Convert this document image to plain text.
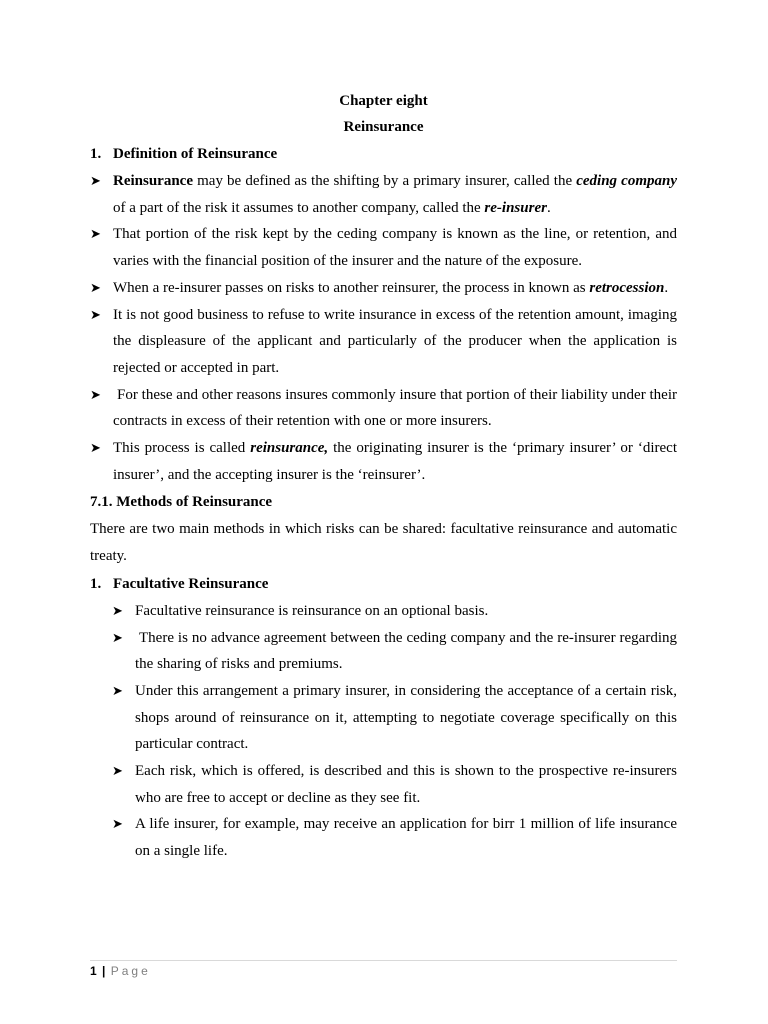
Chapter eight
Reinsurance
1. Definition of Reinsurance
➤ Reinsurance may be defined as the shifting by a primary insurer, called the ceding company of a part of the risk it assumes to another company, called the re-insurer.
➤ That portion of the risk kept by the ceding company is known as the line, or retention, and varies with the financial position of the insurer and the nature of the exposure.
➤ When a re-insurer passes on risks to another reinsurer, the process in known as retrocession.
➤ It is not good business to refuse to write insurance in excess of the retention amount, imaging the displeasure of the applicant and particularly of the producer when the application is rejected or accepted in part.
➤	For these and other reasons insures commonly insure that portion of their liability under their contracts in excess of their retention with one or more insurers.
➤ This process is called reinsurance, the originating insurer is the ‘primary insurer’ or ‘direct insurer’, and the accepting insurer is the ‘reinsurer’.
7.1. Methods of Reinsurance

There are two main methods in which risks can be shared: facultative reinsurance and automatic treaty.

1. Facultative Reinsurance
➤ Facultative reinsurance is reinsurance on an optional basis.
➤	There is no advance agreement between the ceding company and the re-insurer regarding the sharing of risks and premiums.
➤ Under this arrangement a primary insurer, in considering the acceptance of a certain risk, shops around of reinsurance on it, attempting to negotiate coverage specifically on this particular contract.
➤ Each risk, which is offered, is described and this is shown to the prospective re-insurers who are free to accept or decline as they see fit.
➤ A life insurer, for example, may receive an application for birr 1 million of life insurance on a single life.
1 | Page
